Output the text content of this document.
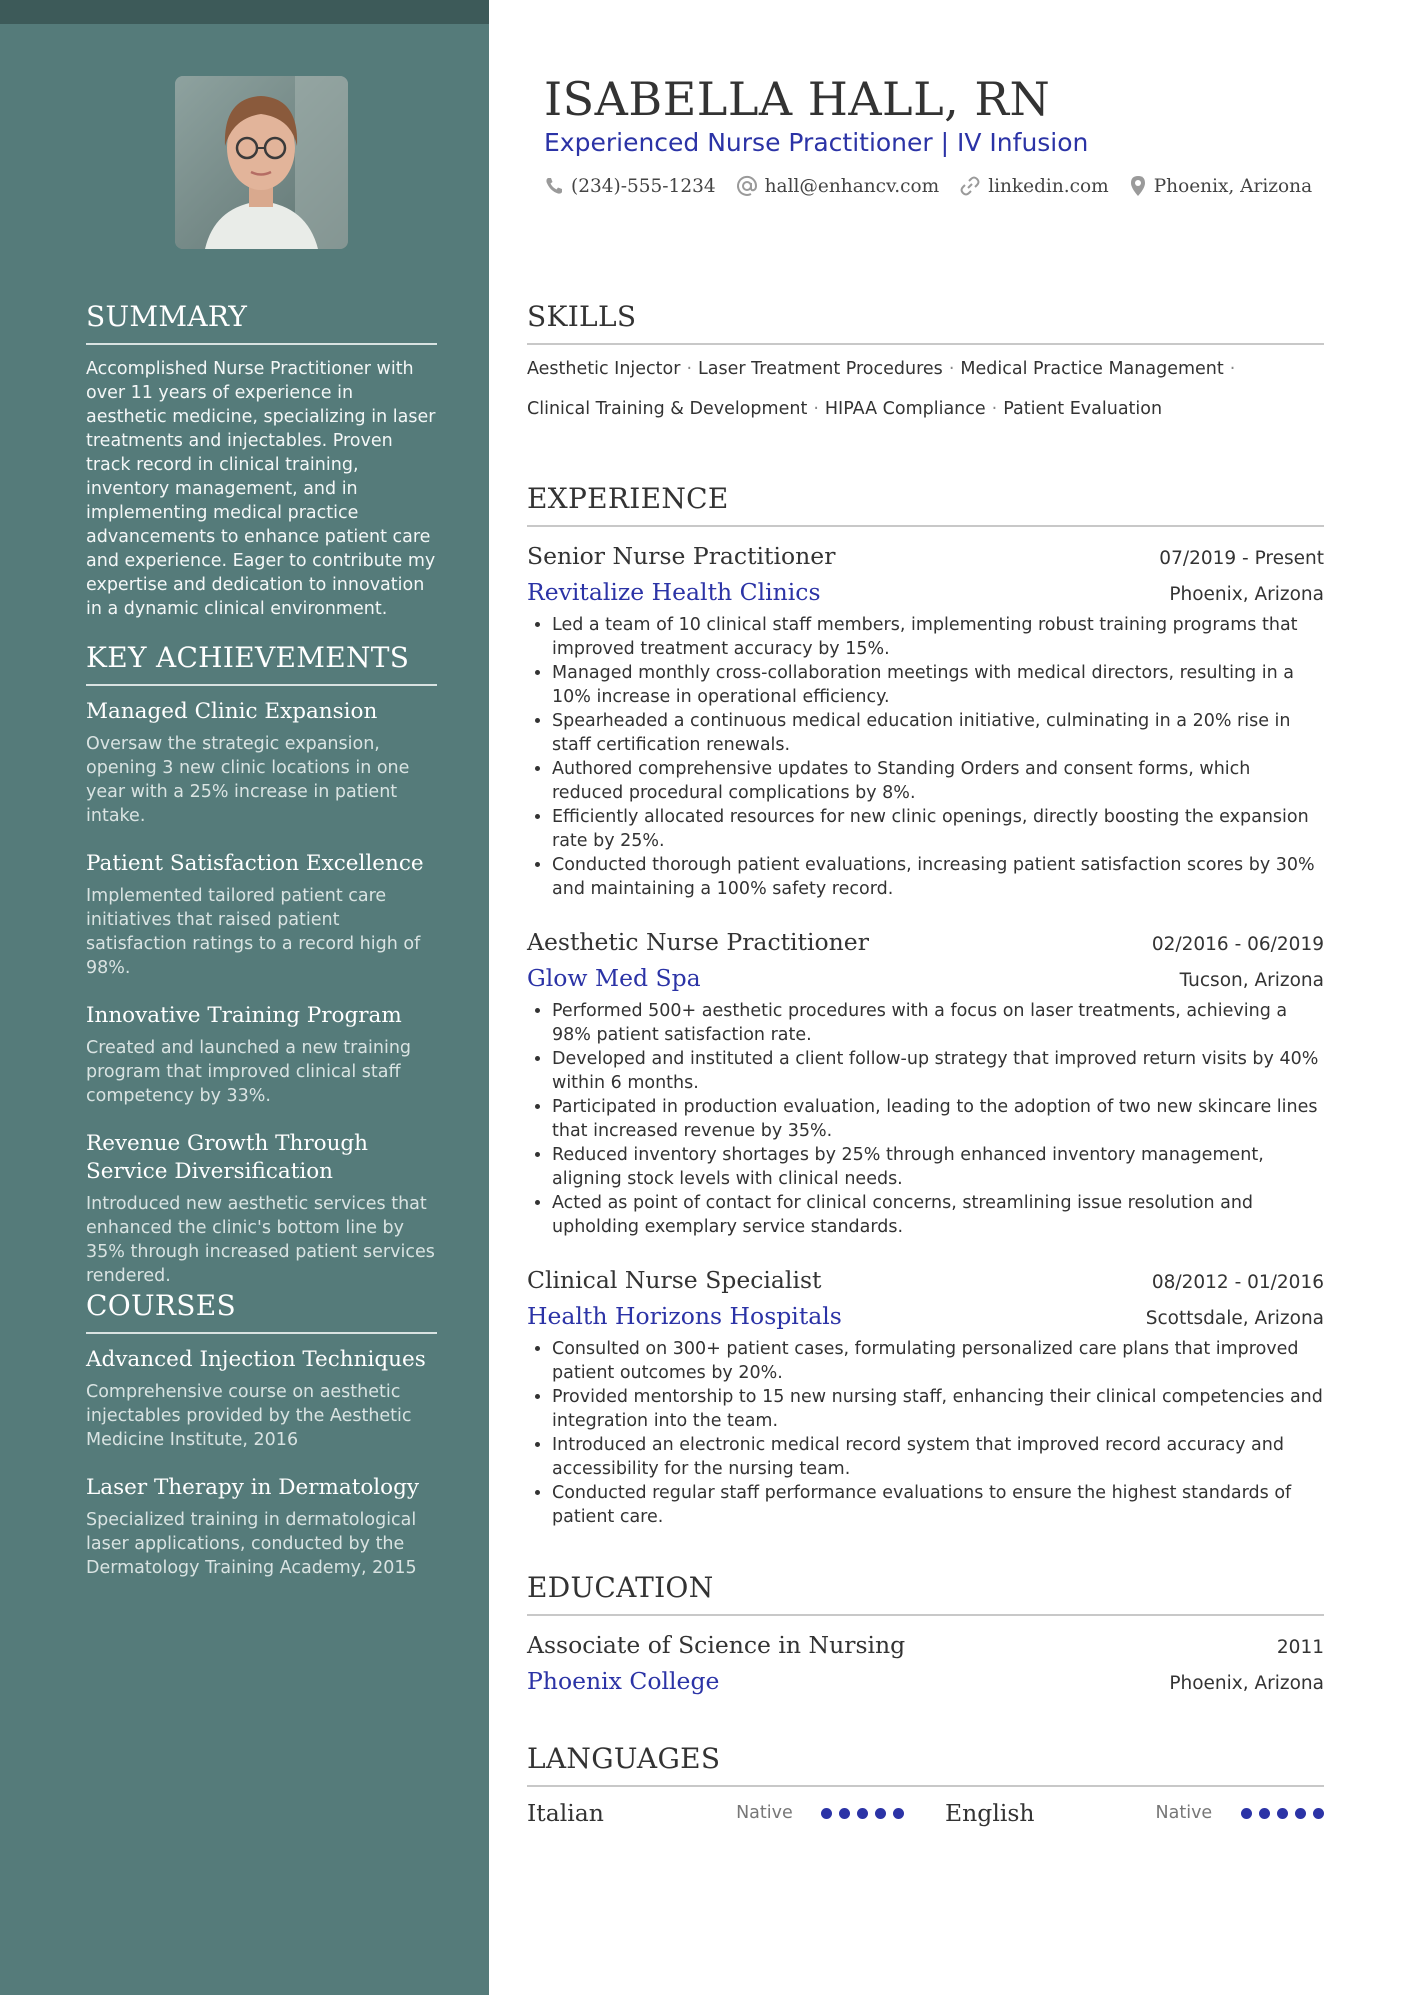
SUMMARY
Accomplished Nurse Practitioner with over 11 years of experience in aesthetic medicine, specializing in laser treatments and injectables. Proven track record in clinical training, inventory management, and in implementing medical practice advancements to enhance patient care and experience. Eager to contribute my expertise and dedication to innovation in a dynamic clinical environment.
KEY ACHIEVEMENTS
Managed Clinic Expansion
Oversaw the strategic expansion, opening 3 new clinic locations in one year with a 25% increase in patient intake.
Patient Satisfaction Excellence
Implemented tailored patient care initiatives that raised patient satisfaction ratings to a record high of 98%.
Innovative Training Program
Created and launched a new training program that improved clinical staff competency by 33%.
Revenue Growth Through Service Diversification
Introduced new aesthetic services that enhanced the clinic's bottom line by 35% through increased patient services rendered.
COURSES
Advanced Injection Techniques
Comprehensive course on aesthetic injectables provided by the Aesthetic Medicine Institute, 2016
Laser Therapy in Dermatology
Specialized training in dermatological laser applications, conducted by the Dermatology Training Academy, 2015
ISABELLA HALL, RN
Experienced Nurse Practitioner | IV Infusion
(234)-555-1234	hall@enhancv.com	linkedin.com Phoenix, Arizona
SKILLS
Aesthetic Injector · Laser Treatment Procedures · Medical Practice Management ·
Clinical Training & Development · HIPAA Compliance · Patient Evaluation
EXPERIENCE
Senior Nurse Practitioner	07/2019 - Present
Revitalize Health Clinics	Phoenix, Arizona
• Led a team of 10 clinical staff members, implementing robust training programs that improved treatment accuracy by 15%.
• Managed monthly cross-collaboration meetings with medical directors, resulting in a 10% increase in operational efficiency.
• Spearheaded a continuous medical education initiative, culminating in a 20% rise in staff certification renewals.
• Authored comprehensive updates to Standing Orders and consent forms, which reduced procedural complications by 8%.
• Efficiently allocated resources for new clinic openings, directly boosting the expansion rate by 25%.
• Conducted thorough patient evaluations, increasing patient satisfaction scores by 30% and maintaining a 100% safety record.
Aesthetic Nurse Practitioner	02/2016 - 06/2019
Glow Med Spa	Tucson, Arizona
• Performed 500+ aesthetic procedures with a focus on laser treatments, achieving a 98% patient satisfaction rate.
• Developed and instituted a client follow-up strategy that improved return visits by 40% within 6 months.
• Participated in production evaluation, leading to the adoption of two new skincare lines that increased revenue by 35%.
• Reduced inventory shortages by 25% through enhanced inventory management, aligning stock levels with clinical needs.
• Acted as point of contact for clinical concerns, streamlining issue resolution and upholding exemplary service standards.
Clinical Nurse Specialist	08/2012 - 01/2016
Health Horizons Hospitals	Scottsdale, Arizona
• Consulted on 300+ patient cases, formulating personalized care plans that improved patient outcomes by 20%.
• Provided mentorship to 15 new nursing staff, enhancing their clinical competencies and integration into the team.
• Introduced an electronic medical record system that improved record accuracy and accessibility for the nursing team.
• Conducted regular staff performance evaluations to ensure the highest standards of patient care.
EDUCATION
Associate of Science in Nursing	2011
Phoenix College	Phoenix, Arizona
LANGUAGES
Italian	Native	English	Native
